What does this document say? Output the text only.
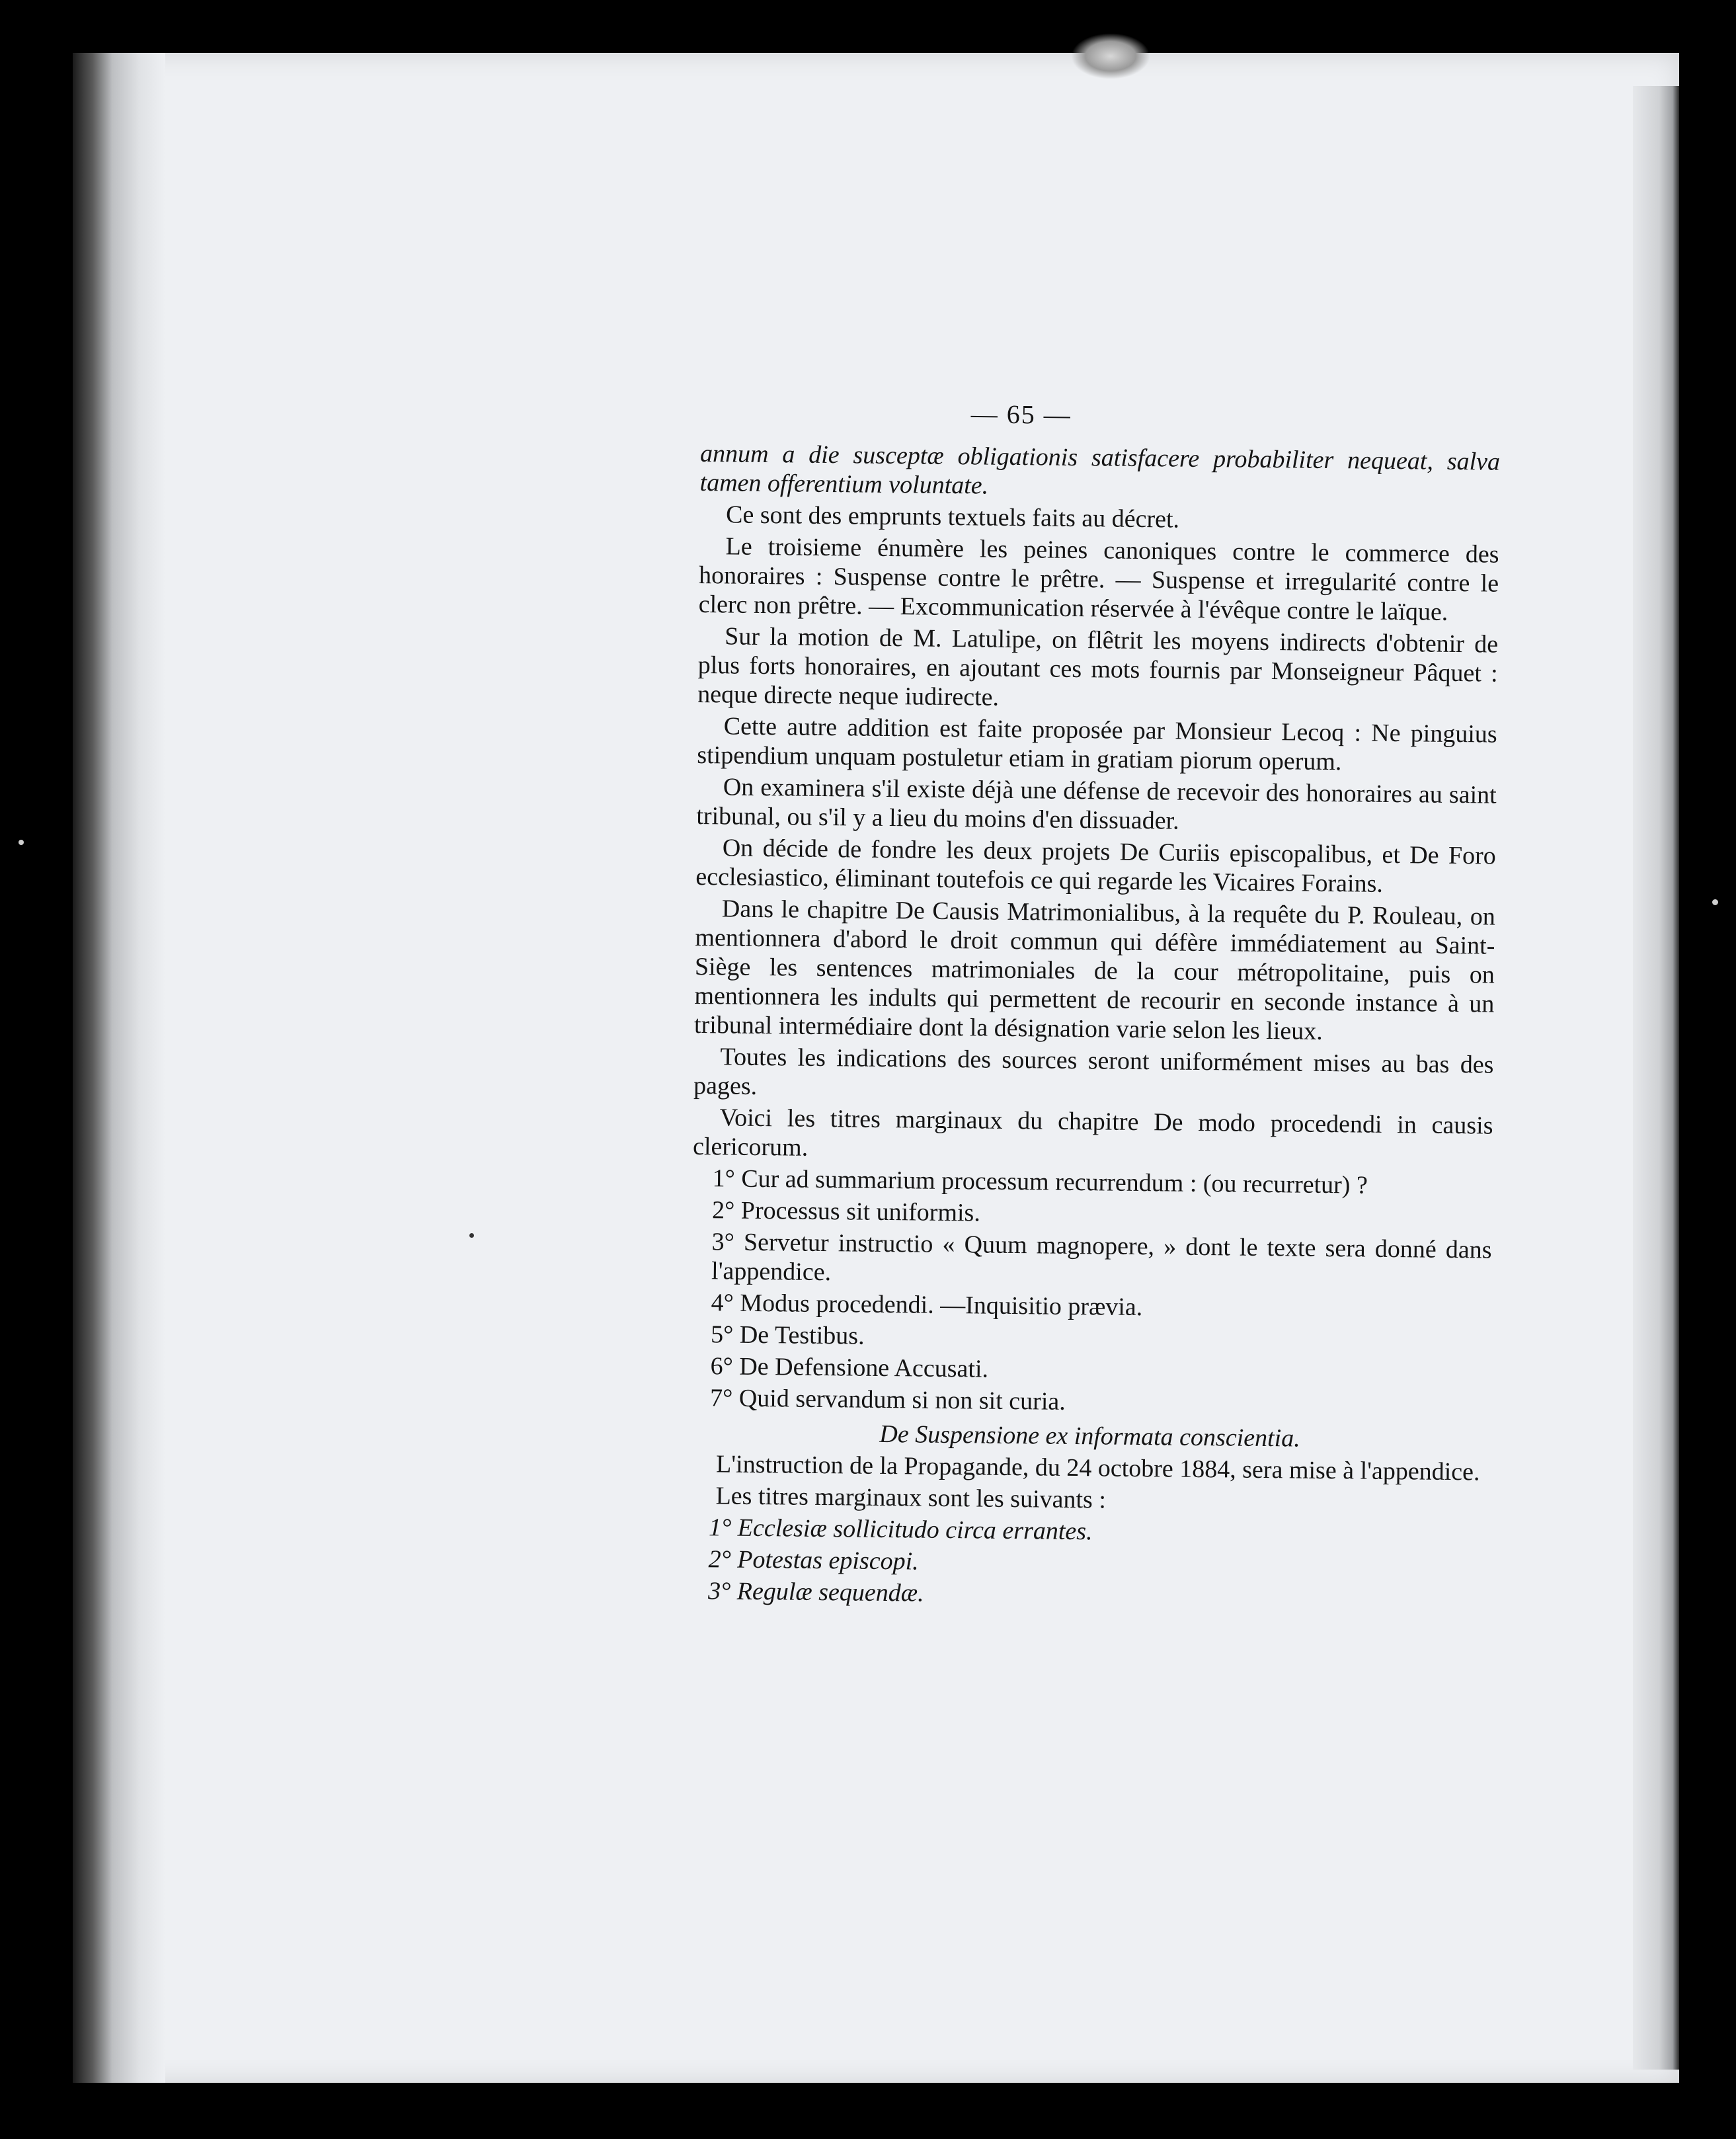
— 65 —

annum a die susceptæ obligationis satisfacere probabiliter nequeat, salva tamen offerentium voluntate.

Ce sont des emprunts textuels faits au décret.

Le troisieme énumère les peines canoniques contre le commerce des honoraires : Suspense contre le prêtre. — Suspense et irregularité contre le clerc non prêtre. — Excommunication réservée à l'évêque contre le laïque.

Sur la motion de M. Latulipe, on flêtrit les moyens indirects d'obtenir de plus forts honoraires, en ajoutant ces mots fournis par Monseigneur Pâquet : neque directe neque iudirecte.

Cette autre addition est faite proposée par Monsieur Lecoq : Ne pinguius stipendium unquam postuletur etiam in gratiam piorum operum.

On examinera s'il existe déjà une défense de recevoir des honoraires au saint tribunal, ou s'il y a lieu du moins d'en dissuader.

On décide de fondre les deux projets De Curiis episcopalibus, et De Foro ecclesiastico, éliminant toutefois ce qui regarde les Vicaires Forains.

Dans le chapitre De Causis Matrimonialibus, à la requête du P. Rouleau, on mentionnera d'abord le droit commun qui défère immédiatement au Saint-Siège les sentences matrimoniales de la cour métropolitaine, puis on mentionnera les indults qui permettent de recourir en seconde instance à un tribunal intermédiaire dont la désignation varie selon les lieux.

Toutes les indications des sources seront uniformément mises au bas des pages.

Voici les titres marginaux du chapitre De modo procedendi in causis clericorum.

1° Cur ad summarium processum recurrendum : (ou recurretur) ?

2° Processus sit uniformis.

3° Servetur instructio « Quum magnopere, » dont le texte sera donné dans l'appendice.

4° Modus procedendi. —Inquisitio prævia.

5° De Testibus.

6° De Defensione Accusati.

7° Quid servandum si non sit curia.

De Suspensione ex informata conscientia.

L'instruction de la Propagande, du 24 octobre 1884, sera mise à l'appendice.

Les titres marginaux sont les suivants :

1° Ecclesiæ sollicitudo circa errantes.

2° Potestas episcopi.

3° Regulæ sequendæ.
